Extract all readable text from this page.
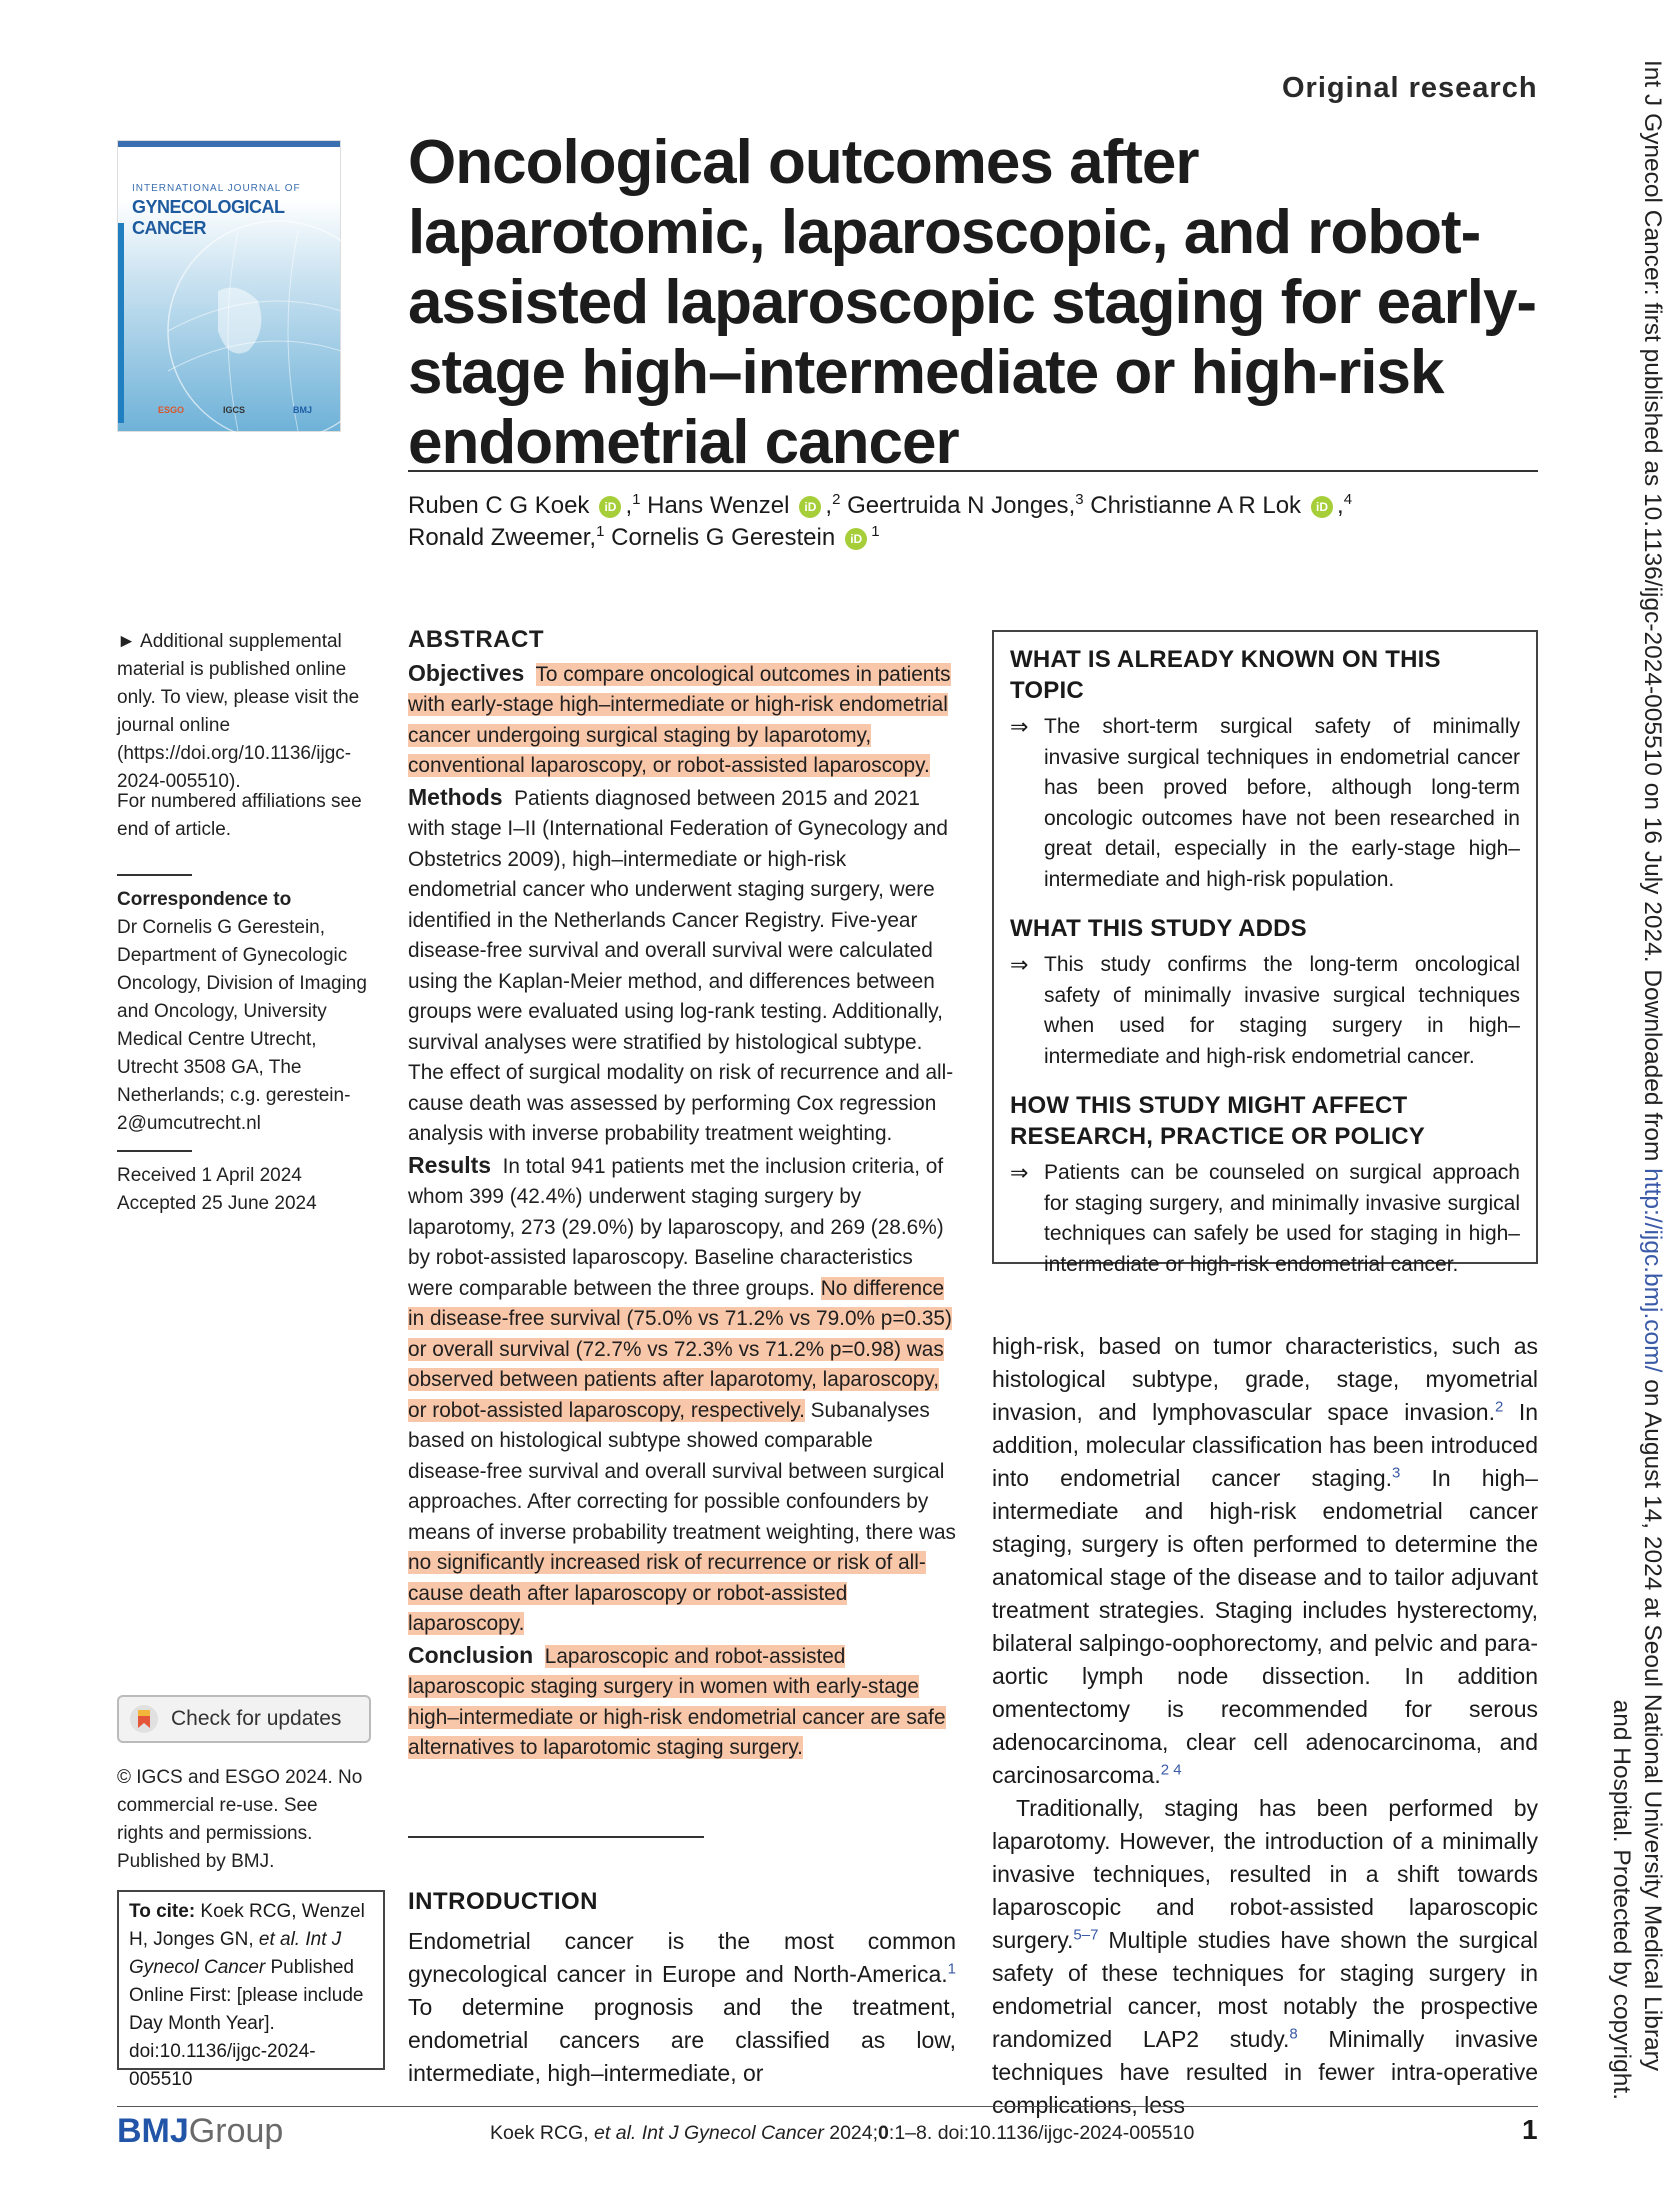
Original research
INTERNATIONAL JOURNAL OF
GYNECOLOGICAL CANCER
ESGO	IGCS	BMJ
Oncological outcomes after laparotomic, laparoscopic, and robot-assisted laparoscopic staging for early-stage high–intermediate or high-risk endometrial cancer
Ruben C G Koek iD ,$^1$ Hans Wenzel iD ,$^2$ Geertruida N Jonges,$^3$ Christianne A R Lok iD ,$^4$
Ronald Zweemer,$^1$ Cornelis G Gerestein iD $^1$
► Additional supplemental material is published online only. To view, please visit the journal online (https://doi.org/10.1136/ijgc-2024-005510).
For numbered affiliations see end of article.
Correspondence to
Dr Cornelis G Gerestein, Department of Gynecologic Oncology, Division of Imaging and Oncology, University Medical Centre Utrecht, Utrecht 3508 GA, The Netherlands; c.g. gerestein-2@umcutrecht.nl
Received 1 April 2024
Accepted 25 June 2024
Check for updates
© IGCS and ESGO 2024. No commercial re-use. See rights and permissions. Published by BMJ.
To cite: Koek RCG, Wenzel H, Jonges GN, et al. Int J Gynecol Cancer Published Online First: [please include Day Month Year]. doi:10.1136/ijgc-2024-005510
ABSTRACT
Objectives To compare oncological outcomes in patients with early-stage high–intermediate or high-risk endometrial cancer undergoing surgical staging by laparotomy, conventional laparoscopy, or robot-assisted laparoscopy.
Methods Patients diagnosed between 2015 and 2021 with stage I–II (International Federation of Gynecology and Obstetrics 2009), high–intermediate or high-risk endometrial cancer who underwent staging surgery, were identified in the Netherlands Cancer Registry. Five-year disease-free survival and overall survival were calculated using the Kaplan-Meier method, and differences between groups were evaluated using log-rank testing. Additionally, survival analyses were stratified by histological subtype. The effect of surgical modality on risk of recurrence and all-cause death was assessed by performing Cox regression analysis with inverse probability treatment weighting.
Results In total 941 patients met the inclusion criteria, of whom 399 (42.4%) underwent staging surgery by laparotomy, 273 (29.0%) by laparoscopy, and 269 (28.6%) by robot-assisted laparoscopy. Baseline characteristics were comparable between the three groups. No difference in disease-free survival (75.0% vs 71.2% vs 79.0% p=0.35) or overall survival (72.7% vs 72.3% vs 71.2% p=0.98) was observed between patients after laparotomy, laparoscopy, or robot-assisted laparoscopy, respectively. Subanalyses based on histological subtype showed comparable disease-free survival and overall survival between surgical approaches. After correcting for possible confounders by means of inverse probability treatment weighting, there was no significantly increased risk of recurrence or risk of all-cause death after laparoscopy or robot-assisted laparoscopy.
Conclusion Laparoscopic and robot-assisted laparoscopic staging surgery in women with early-stage high–intermediate or high-risk endometrial cancer are safe alternatives to laparotomic staging surgery.
INTRODUCTION
Endometrial cancer is the most common gynecological cancer in Europe and North-America.$^1$ To determine prognosis and the treatment, endometrial cancers are classified as low, intermediate, high–intermediate, or

WHAT IS ALREADY KNOWN ON THIS TOPIC

⇒ The short-term surgical safety of minimally invasive surgical techniques in endometrial cancer has been proved before, although long-term oncologic outcomes have not been researched in great detail, especially in the early-stage high–intermediate and high-risk population.

WHAT THIS STUDY ADDS

⇒ This study confirms the long-term oncological safety of minimally invasive surgical techniques when used for staging surgery in high–intermediate and high-risk endometrial cancer.

HOW THIS STUDY MIGHT AFFECT RESEARCH, PRACTICE OR POLICY

⇒ Patients can be counseled on surgical approach for staging surgery, and minimally invasive surgical techniques can safely be used for staging in high–intermediate or high-risk endometrial cancer.

high-risk, based on tumor characteristics, such as histological subtype, grade, stage, myometrial invasion, and lymphovascular space invasion.$^2$ In addition, molecular classification has been introduced into endometrial cancer staging.$^3$ In high–intermediate and high-risk endometrial cancer staging, surgery is often performed to determine the anatomical stage of the disease and to tailor adjuvant treatment strategies. Staging includes hysterectomy, bilateral salpingo-oophorectomy, and pelvic and para-aortic lymph node dissection. In addition omentectomy is recommended for serous adenocarcinoma, clear cell adenocarcinoma, and carcinosarcoma.$^{2 4}$

Traditionally, staging has been performed by laparotomy. However, the introduction of a minimally invasive techniques, resulted in a shift towards laparoscopic and robot-assisted laparoscopic surgery.$^{5-7}$ Multiple studies have shown the surgical safety of these techniques for staging surgery in endometrial cancer, most notably the prospective randomized LAP2 study.$^8$ Minimally invasive techniques have resulted in fewer intra-operative complications, less

Int J Gynecol Cancer: first published as 10.1136/ijgc-2024-005510 on 16 July 2024. Downloaded from http://ijgc.bmj.com/ on August 14, 2024 at Seoul National University Medical Library
and Hospital. Protected by copyright.
BMJGroup	Koek RCG, et al. Int J Gynecol Cancer 2024;0:1–8. doi:10.1136/ijgc-2024-005510	1
